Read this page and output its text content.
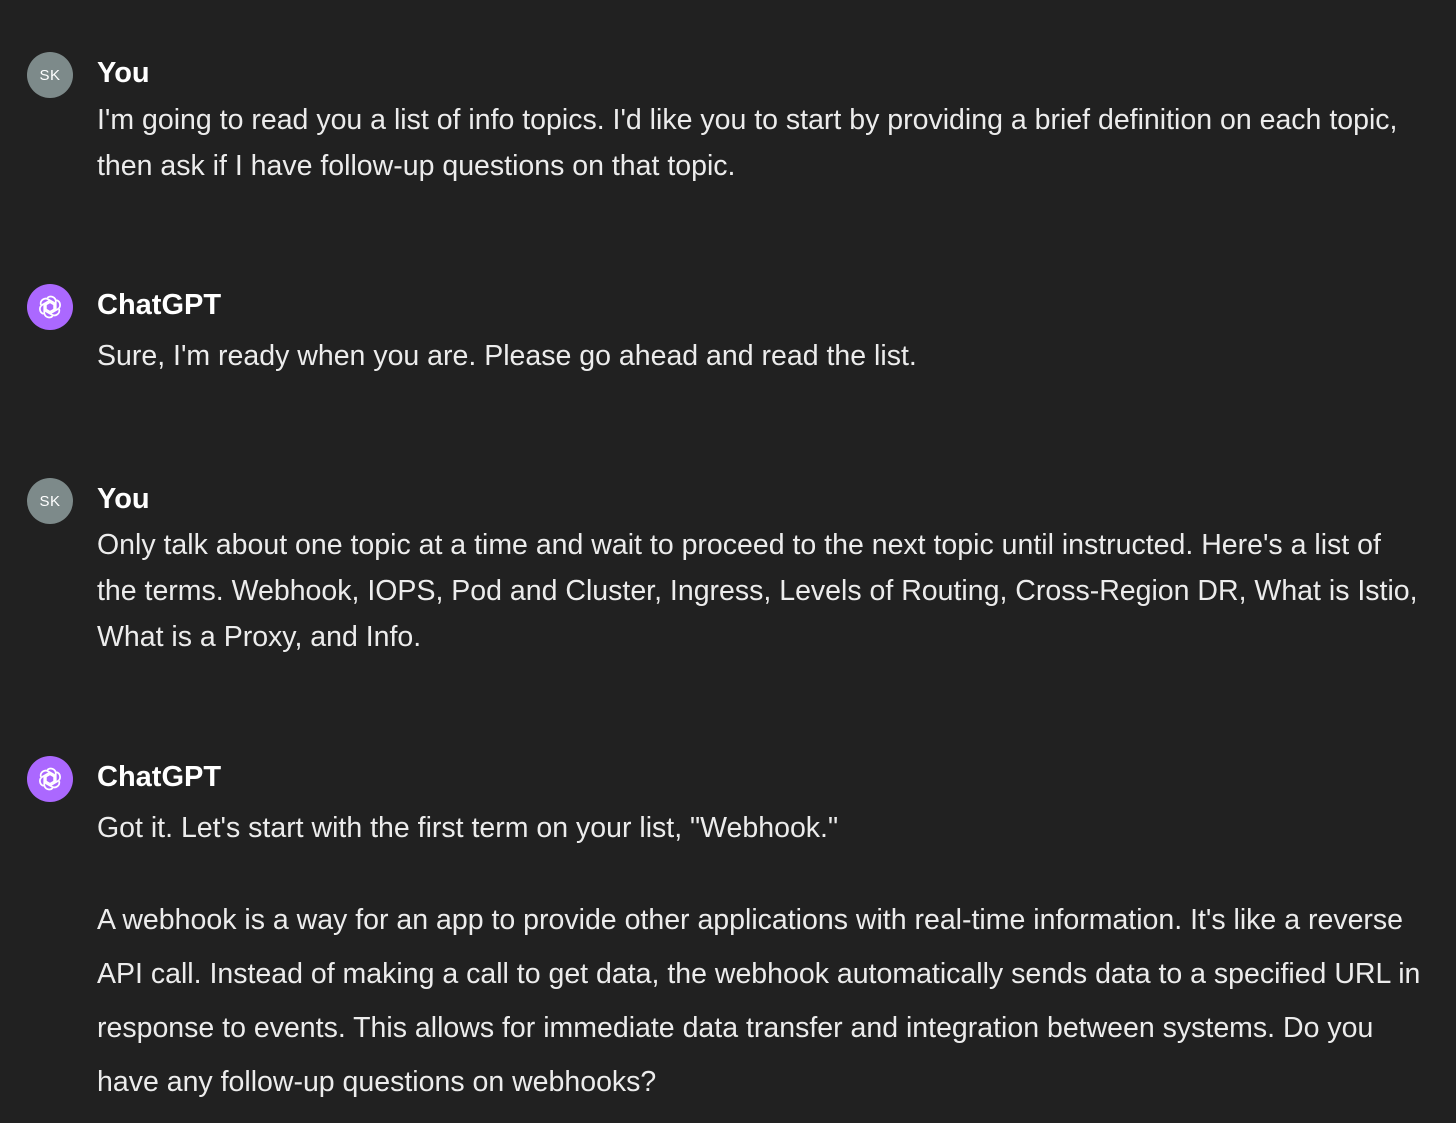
SK You

I'm going to read you a list of info topics. I'd like you to start by providing a brief definition on each topic, then ask if I have follow-up questions on that topic.

ChatGPT

Sure, I'm ready when you are. Please go ahead and read the list.

SK You

Only talk about one topic at a time and wait to proceed to the next topic until instructed. Here's a list of the terms. Webhook, IOPS, Pod and Cluster, Ingress, Levels of Routing, Cross-Region DR, What is Istio, What is a Proxy, and Info.

ChatGPT

Got it. Let's start with the first term on your list, "Webhook."

A webhook is a way for an app to provide other applications with real-time information. It's like a reverse API call. Instead of making a call to get data, the webhook automatically sends data to a specified URL in response to events. This allows for immediate data transfer and integration between systems. Do you have any follow-up questions on webhooks?
